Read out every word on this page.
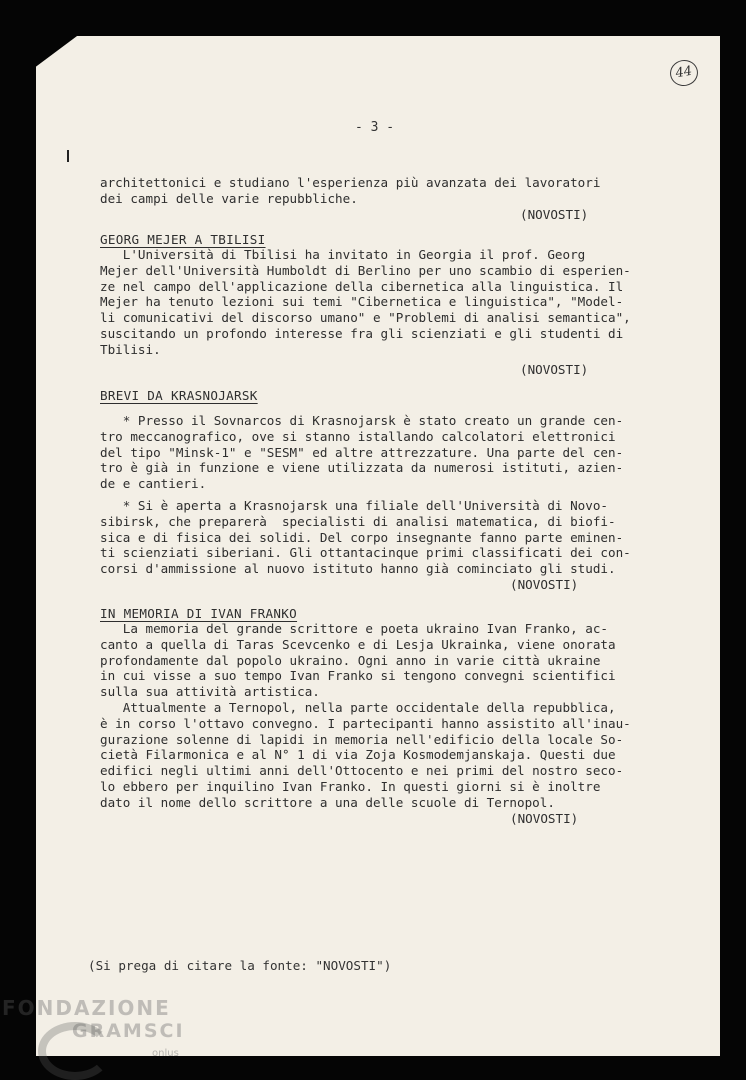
44
- 3 -
architettonici e studiano l'esperienza più avanzata dei lavoratori
dei campi delle varie repubbliche.
(NOVOSTI)
GEORG MEJER A TBILISI
L'Università di Tbilisi ha invitato in Georgia il prof. Georg
Mejer dell'Università Humboldt di Berlino per uno scambio di esperien-
ze nel campo dell'applicazione della cibernetica alla linguistica. Il
Mejer ha tenuto lezioni sui temi "Cibernetica e linguistica", "Model-
li comunicativi del discorso umano" e "Problemi di analisi semantica",
suscitando un profondo interesse fra gli scienziati e gli studenti di
Tbilisi.
(NOVOSTI)
BREVI DA KRASNOJARSK
* Presso il Sovnarcos di Krasnojarsk è stato creato un grande cen-
tro meccanografico, ove si stanno istallando calcolatori elettronici
del tipo "Minsk-1" e "SESM" ed altre attrezzature. Una parte del cen-
tro è già in funzione e viene utilizzata da numerosi istituti, azien-
de e cantieri.
* Si è aperta a Krasnojarsk una filiale dell'Università di Novo-
sibirsk, che preparerà  specialisti di analisi matematica, di biofi-
sica e di fisica dei solidi. Del corpo insegnante fanno parte eminen-
ti scienziati siberiani. Gli ottantacinque primi classificati dei con-
corsi d'ammissione al nuovo istituto hanno già cominciato gli studi.
(NOVOSTI)
IN MEMORIA DI IVAN FRANKO
La memoria del grande scrittore e poeta ukraino Ivan Franko, ac-
canto a quella di Taras Scevcenko e di Lesja Ukrainka, viene onorata
profondamente dal popolo ukraino. Ogni anno in varie città ukraine
in cui visse a suo tempo Ivan Franko si tengono convegni scientifici
sulla sua attività artistica.
Attualmente a Ternopol, nella parte occidentale della repubblica,
è in corso l'ottavo convegno. I partecipanti hanno assistito all'inau-
gurazione solenne di lapidi in memoria nell'edificio della locale So-
cietà Filarmonica e al N° 1 di via Zoja Kosmodemjanskaja. Questi due
edifici negli ultimi anni dell'Ottocento e nei primi del nostro seco-
lo ebbero per inquilino Ivan Franko. In questi giorni si è inoltre
dato il nome dello scrittore a una delle scuole di Ternopol.
(NOVOSTI)
(Si prega di citare la fonte: "NOVOSTI")
FONDAZIONE
GRAMSCI
onlus
